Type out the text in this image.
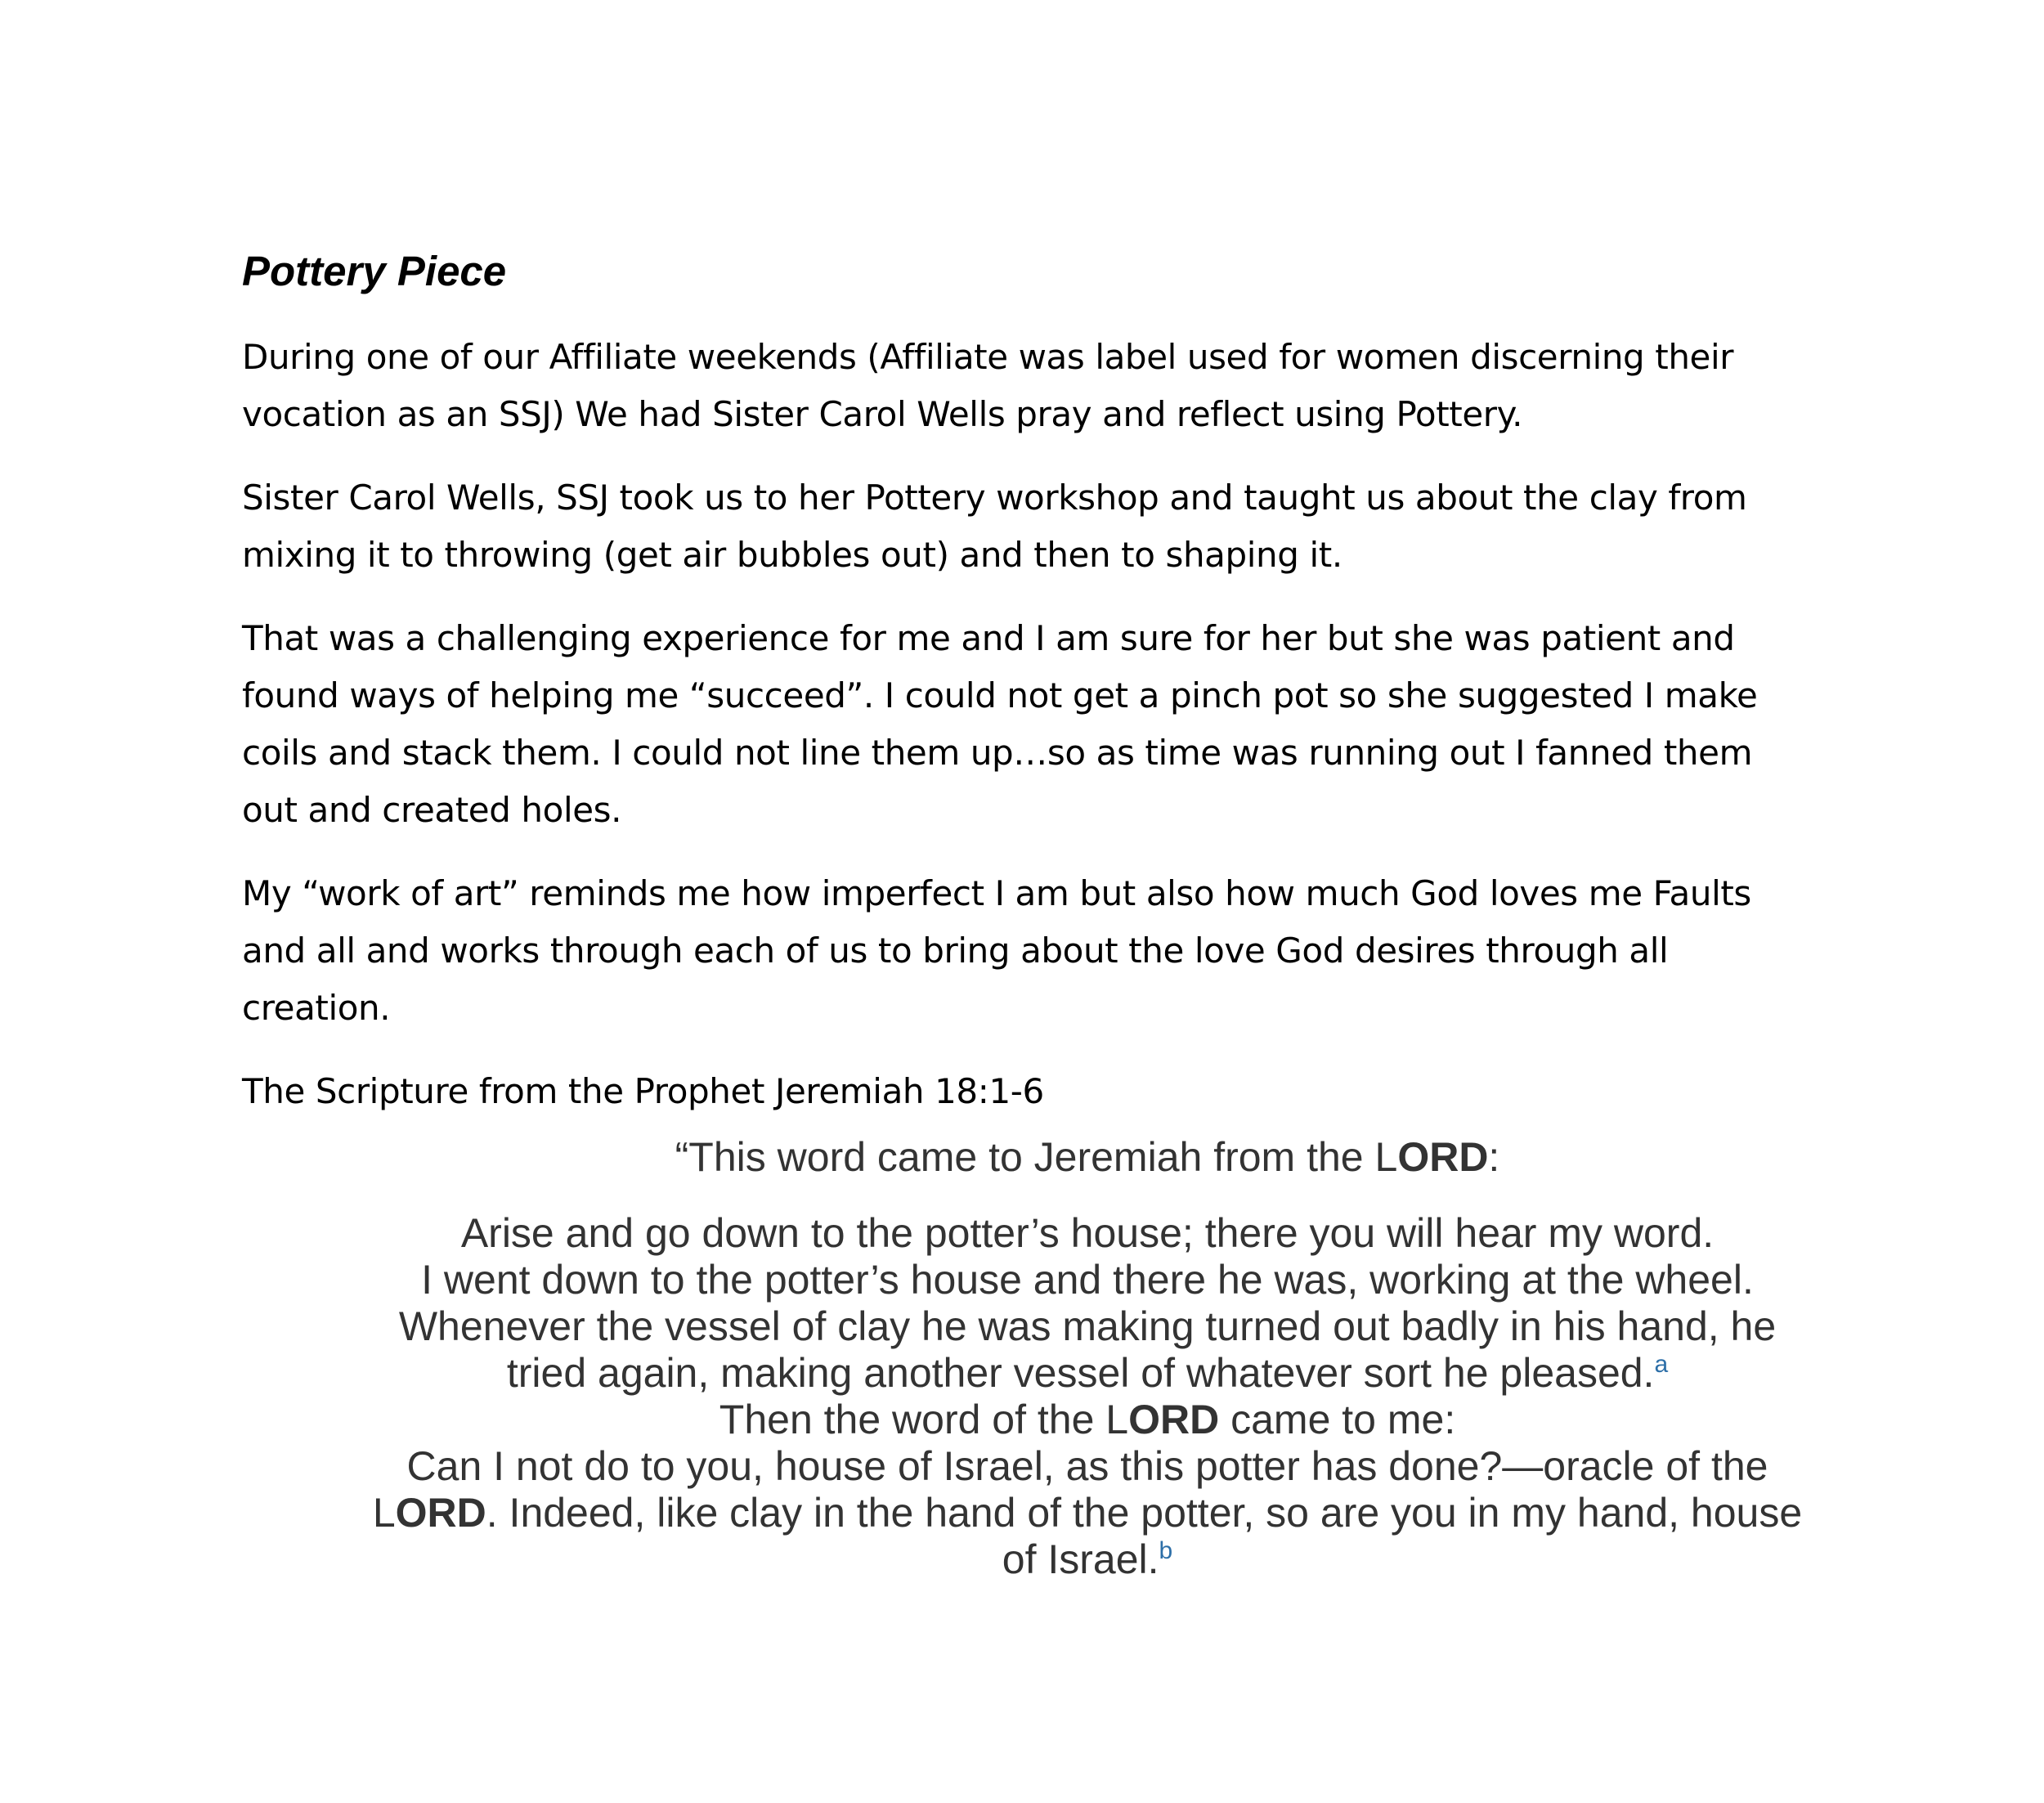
Pottery Piece

During one of our Affiliate weekends (Affiliate was label used for women discerning their vocation as an SSJ) We had Sister Carol Wells pray and reflect using Pottery.

Sister Carol Wells, SSJ took us to her Pottery workshop and taught us about the clay from mixing it to throwing (get air bubbles out) and then to shaping it.

That was a challenging experience for me and I am sure for her but she was patient and found ways of helping me “succeed”. I could not get a pinch pot so she suggested I make coils and stack them. I could not line them up…so as time was running out I fanned them out and created holes.

My “work of art” reminds me how imperfect I am but also how much God loves me Faults and all and works through each of us to bring about the love God desires through all creation.

The Scripture from the Prophet Jeremiah 18:1-6

“This word came to Jeremiah from the LORD:

Arise and go down to the potter’s house; there you will hear my word.

I went down to the potter’s house and there he was, working at the wheel.

Whenever the vessel of clay he was making turned out badly in his hand, he tried again, making another vessel of whatever sort he pleased.$^a$

Then the word of the LORD came to me:

Can I not do to you, house of Israel, as this potter has done?—oracle of the LORD. Indeed, like clay in the hand of the potter, so are you in my hand, house of Israel.$^b$
